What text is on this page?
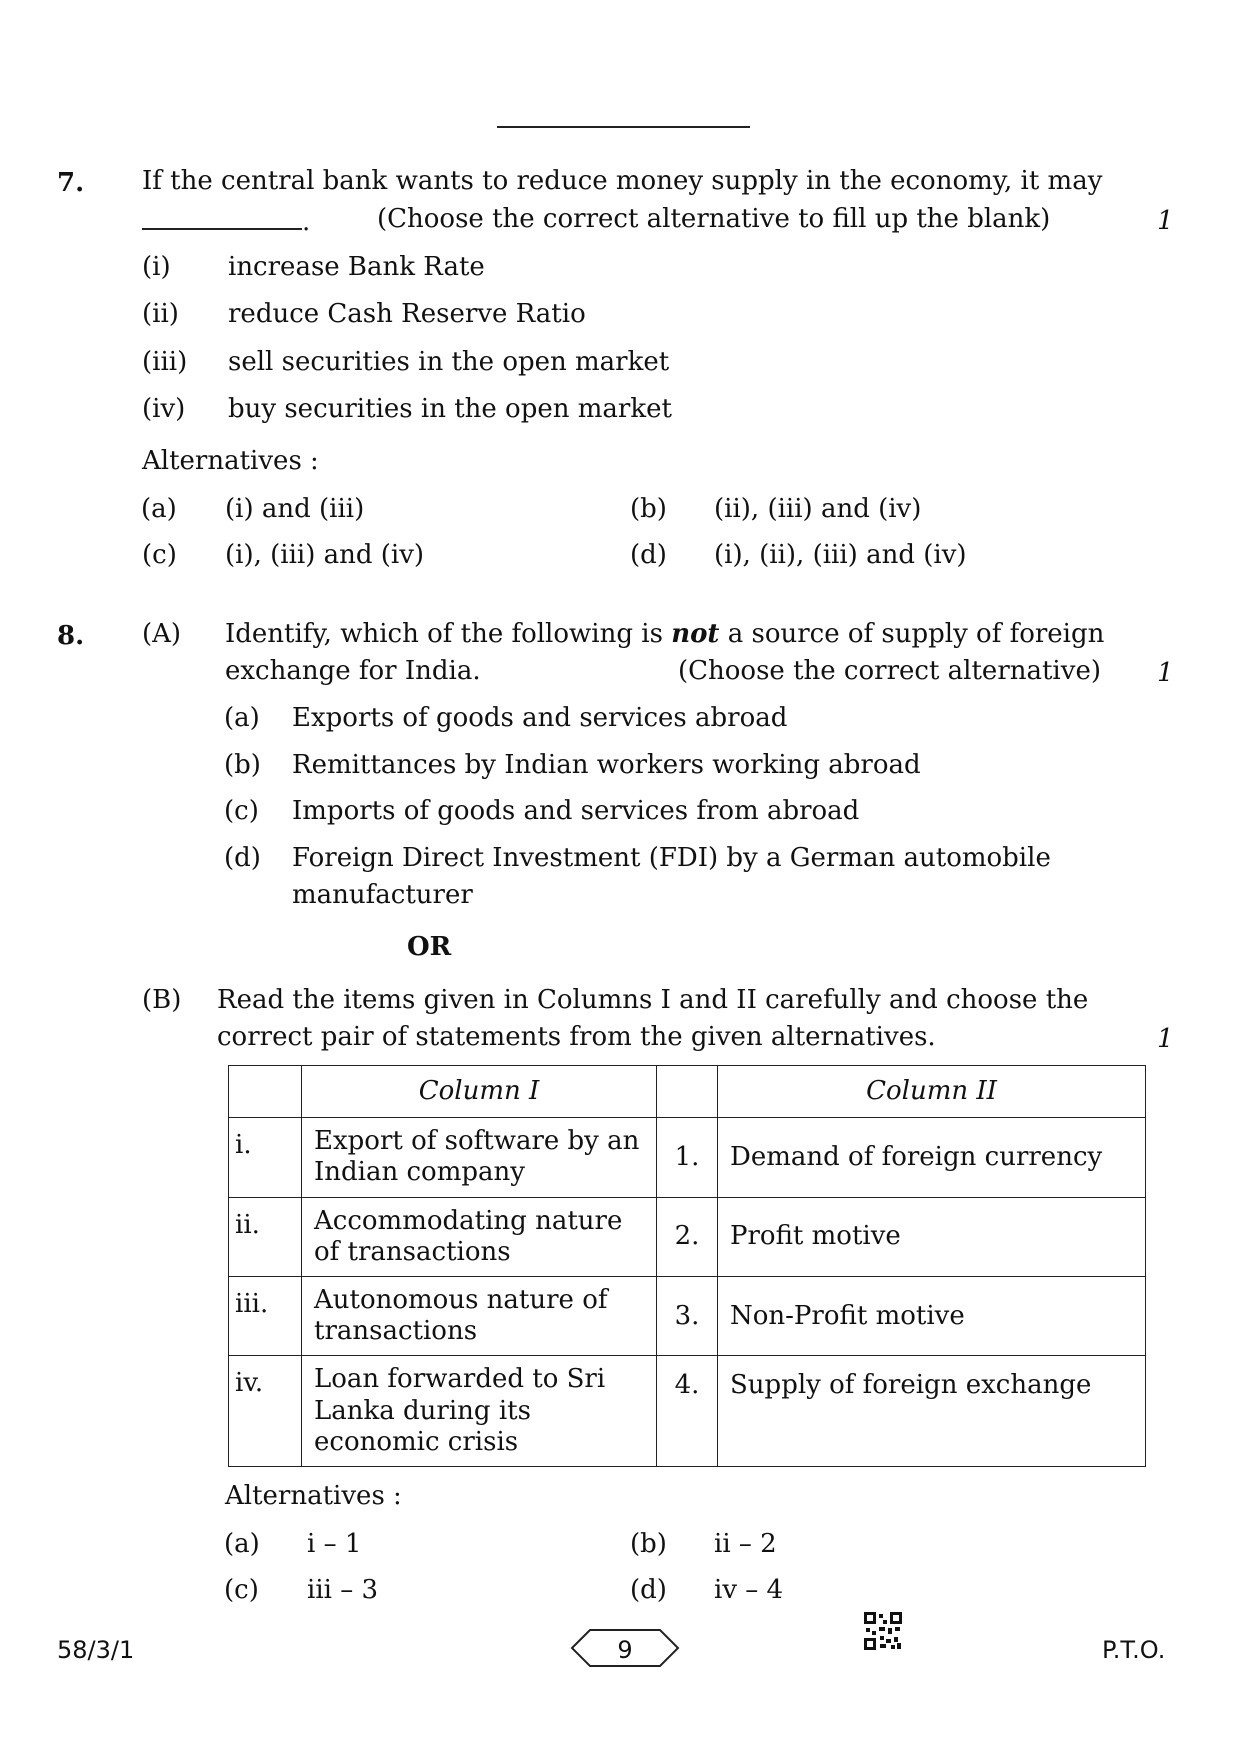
7. If the central bank wants to reduce money supply in the economy, it may
.	(Choose the correct alternative to fill up the blank)	1
(i) increase Bank Rate
(ii) reduce Cash Reserve Ratio
(iii) sell securities in the open market
(iv) buy securities in the open market
Alternatives :
(a) (i) and (iii)	(b) (ii), (iii) and (iv)
(c) (i), (iii) and (iv)	(d) (i), (ii), (iii) and (iv)
8. (A) Identify, which of the following is not a source of supply of foreign
exchange for India.	(Choose the correct alternative) 1
(a) Exports of goods and services abroad
(b) Remittances by Indian workers working abroad
(c) Imports of goods and services from abroad
(d) Foreign Direct Investment (FDI) by a German automobile
manufacturer
OR
(B) Read the items given in Columns I and II carefully and choose the
correct pair of statements from the given alternatives.	1
	Column I		Column II
i.	Export of software by an Indian company	1.	Demand of foreign currency
ii.	Accommodating nature of transactions	2.	Profit motive
iii.	Autonomous nature of transactions	3.	Non-Profit motive
iv.	Loan forwarded to Sri Lanka during its economic crisis	4.	Supply of foreign exchange
Alternatives :
(a) i – 1	(b) ii – 2
(c) iii – 3	(d) iv – 4
58/3/1	9	P.T.O.
